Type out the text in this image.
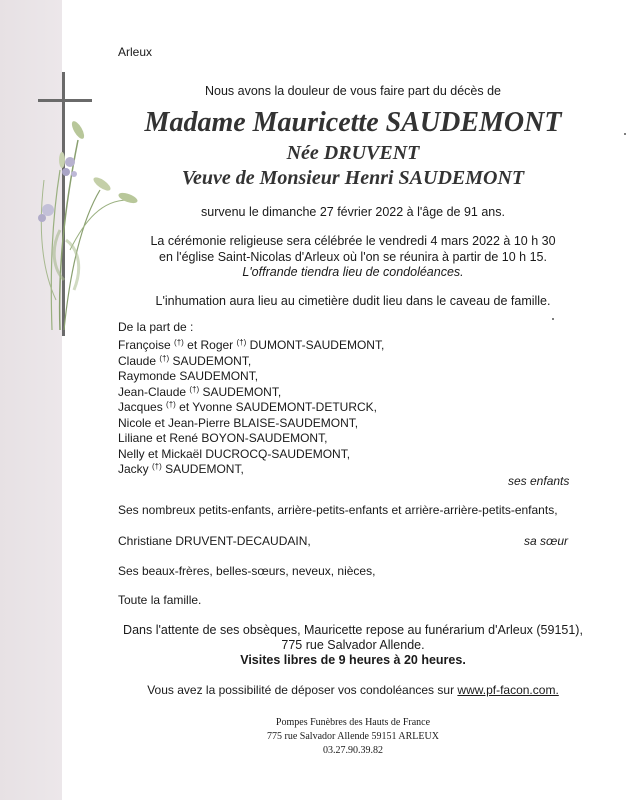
Arleux

Nous avons la douleur de vous faire part du décès de

Madame Mauricette SAUDEMONT

Née DRUVENT

Veuve de Monsieur Henri SAUDEMONT

survenu le dimanche 27 février 2022 à l'âge de 91 ans.

La cérémonie religieuse sera célébrée le vendredi 4 mars 2022 à 10 h 30

en l'église Saint-Nicolas d'Arleux où l'on se réunira à partir de 10 h 15.

L'offrande tiendra lieu de condoléances.

L'inhumation aura lieu au cimetière dudit lieu dans le caveau de famille.

De la part de :

Françoise (†) et Roger (†) DUMONT-SAUDEMONT,
Claude (†) SAUDEMONT,
Raymonde SAUDEMONT,
Jean-Claude (†) SAUDEMONT,
Jacques (†) et Yvonne SAUDEMONT-DETURCK,
Nicole et Jean-Pierre BLAISE-SAUDEMONT,
Liliane et René BOYON-SAUDEMONT,
Nelly et Mickaël DUCROCQ-SAUDEMONT,
Jacky (†) SAUDEMONT,

ses enfants

Ses nombreux petits-enfants, arrière-petits-enfants et arrière-arrière-petits-enfants,

Christiane DRUVENT-DECAUDAIN,	sa sœur

Ses beaux-frères, belles-sœurs, neveux, nièces,

Toute la famille.

Dans l'attente de ses obsèques, Mauricette repose au funérarium d'Arleux (59151),

775 rue Salvador Allende.

Visites libres de 9 heures à 20 heures.

Vous avez la possibilité de déposer vos condoléances sur www.pf-facon.com.

Pompes Funèbres des Hauts de France

775 rue Salvador Allende 59151 ARLEUX

03.27.90.39.82
